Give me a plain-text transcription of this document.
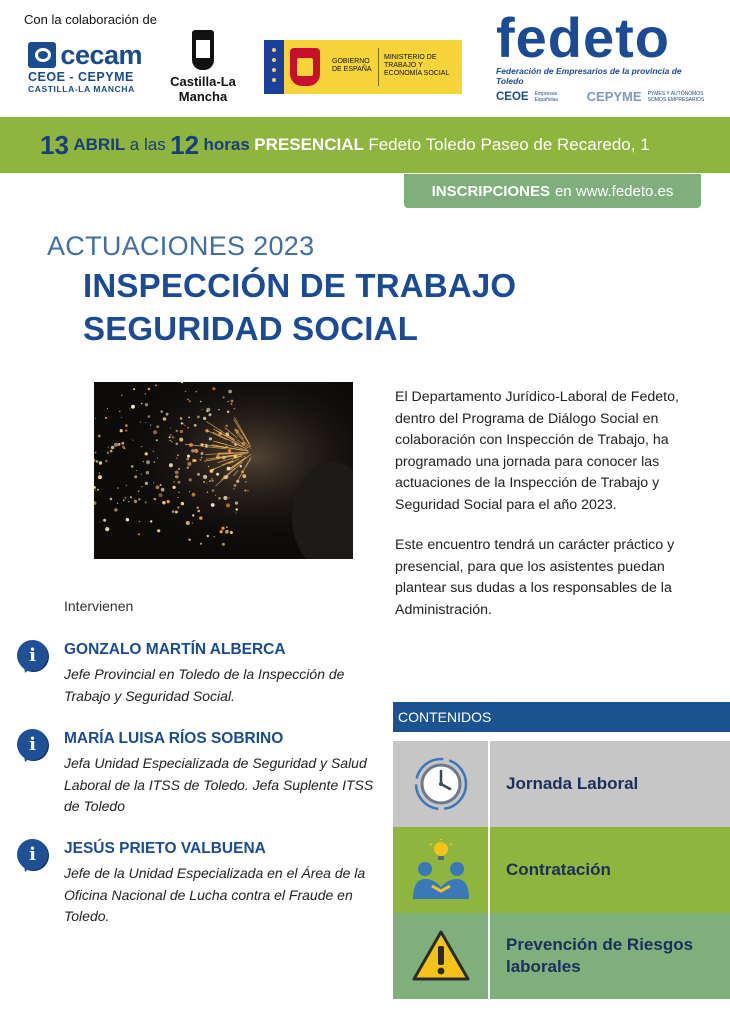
Con la colaboración de
cecam
CEOE - CEPYME
CASTILLA-LA MANCHA	Castilla-La Mancha
GOBIERNO DE ESPAÑA
MINISTERIO DE TRABAJO Y ECONOMÍA SOCIAL
fedeto
Federación de Empresarios de la provincia de Toledo
CEOE Empresas Españolas	CEPYME PYMES Y AUTÓNOMOS SOMOS EMPRESARIOS
13
ABRIL
a las
12
horas
PRESENCIAL
Fedeto Toledo Paseo de Recaredo, 1
INSCRIPCIONES en www.fedeto.es
ACTUACIONES 2023
INSPECCIÓN DE TRABAJO
SEGURIDAD SOCIAL

El Departamento Jurídico-Laboral de Fedeto, dentro del Programa de Diálogo Social en colaboración con Inspección de Trabajo, ha programado una jornada para conocer las actuaciones de la Inspección de Trabajo y Seguridad Social para el año 2023.

Este encuentro tendrá un carácter práctico y presencial, para que los asistentes puedan plantear sus dudas a los responsables de la Administración.

Intervienen
i	GONZALO MARTÍN ALBERCA
Jefe Provincial en Toledo de la Inspección de Trabajo y Seguridad Social.
i	MARÍA LUISA RÍOS SOBRINO
Jefa Unidad Especializada de Seguridad y Salud Laboral de la ITSS de Toledo. Jefa Suplente ITSS de Toledo
i	JESÚS PRIETO VALBUENA
Jefe de la Unidad Especializada en el Área de la Oficina Nacional de Lucha contra el Fraude en Toledo.
CONTENIDOS
Jornada Laboral
Contratación
Prevención de Riesgos laborales
